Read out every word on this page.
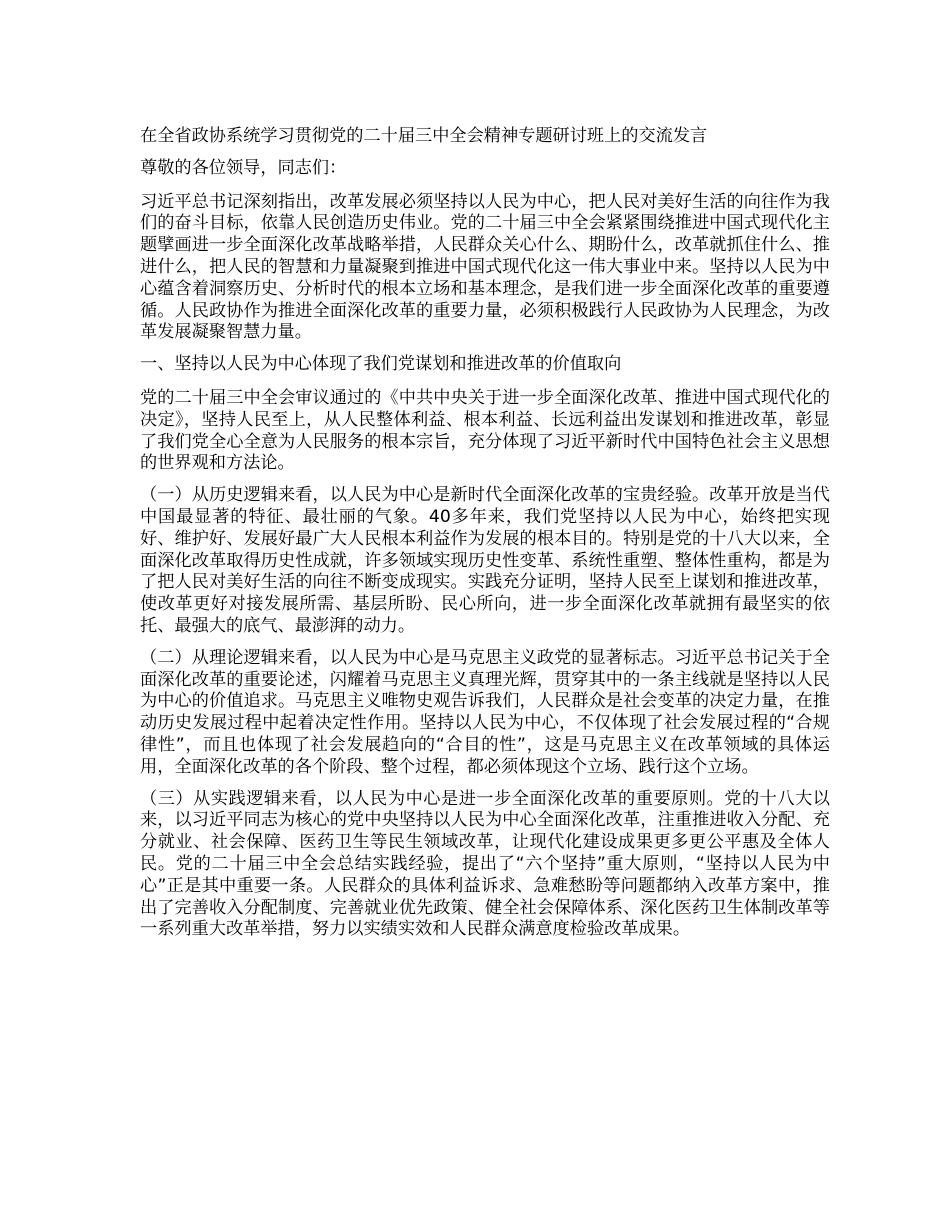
在全省政协系统学习贯彻党的二十届三中全会精神专题研讨班上的交流发言

尊敬的各位领导，同志们：

习近平总书记深刻指出，改革发展必须坚持以人民为中心，把人民对美好生活的向往作为我们的奋斗目标，依靠人民创造历史伟业。党的二十届三中全会紧紧围绕推进中国式现代化主题擘画进一步全面深化改革战略举措，人民群众关心什么、期盼什么，改革就抓住什么、推进什么，把人民的智慧和力量凝聚到推进中国式现代化这一伟大事业中来。坚持以人民为中心蕴含着洞察历史、分析时代的根本立场和基本理念，是我们进一步全面深化改革的重要遵循。人民政协作为推进全面深化改革的重要力量，必须积极践行人民政协为人民理念，为改革发展凝聚智慧力量。

一、坚持以人民为中心体现了我们党谋划和推进改革的价值取向

党的二十届三中全会审议通过的《中共中央关于进一步全面深化改革、推进中国式现代化的决定》，坚持人民至上，从人民整体利益、根本利益、长远利益出发谋划和推进改革，彰显了我们党全心全意为人民服务的根本宗旨，充分体现了习近平新时代中国特色社会主义思想的世界观和方法论。

（一）从历史逻辑来看，以人民为中心是新时代全面深化改革的宝贵经验。改革开放是当代中国最显著的特征、最壮丽的气象。40多年来，我们党坚持以人民为中心，始终把实现好、维护好、发展好最广大人民根本利益作为发展的根本目的。特别是党的十八大以来，全面深化改革取得历史性成就，许多领域实现历史性变革、系统性重塑、整体性重构，都是为了把人民对美好生活的向往不断变成现实。实践充分证明，坚持人民至上谋划和推进改革，使改革更好对接发展所需、基层所盼、民心所向，进一步全面深化改革就拥有最坚实的依托、最强大的底气、最澎湃的动力。

（二）从理论逻辑来看，以人民为中心是马克思主义政党的显著标志。习近平总书记关于全面深化改革的重要论述，闪耀着马克思主义真理光辉，贯穿其中的一条主线就是坚持以人民为中心的价值追求。马克思主义唯物史观告诉我们，人民群众是社会变革的决定力量，在推动历史发展过程中起着决定性作用。坚持以人民为中心，不仅体现了社会发展过程的“合规律性”，而且也体现了社会发展趋向的“合目的性”，这是马克思主义在改革领域的具体运用，全面深化改革的各个阶段、整个过程，都必须体现这个立场、践行这个立场。

（三）从实践逻辑来看，以人民为中心是进一步全面深化改革的重要原则。党的十八大以来，以习近平同志为核心的党中央坚持以人民为中心全面深化改革，注重推进收入分配、充分就业、社会保障、医药卫生等民生领域改革，让现代化建设成果更多更公平惠及全体人民。党的二十届三中全会总结实践经验，提出了“六个坚持”重大原则，“坚持以人民为中心”正是其中重要一条。人民群众的具体利益诉求、急难愁盼等问题都纳入改革方案中，推出了完善收入分配制度、完善就业优先政策、健全社会保障体系、深化医药卫生体制改革等一系列重大改革举措，努力以实绩实效和人民群众满意度检验改革成果。
